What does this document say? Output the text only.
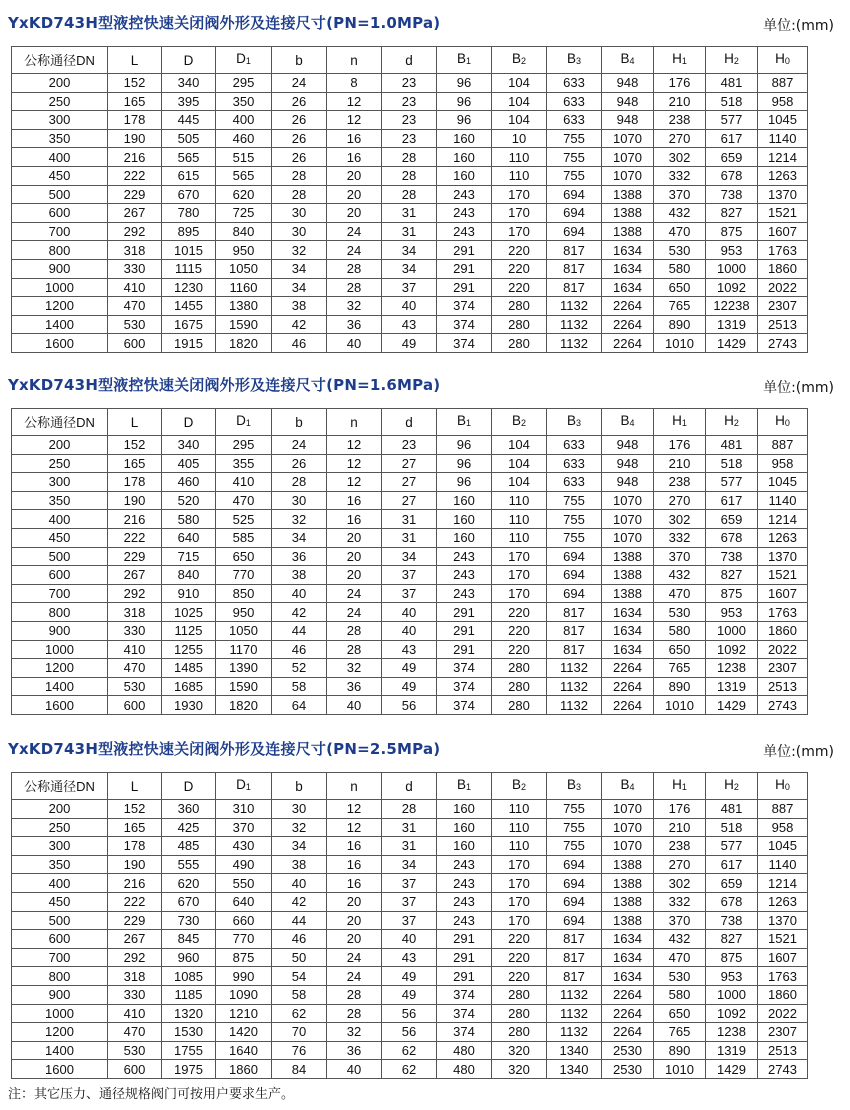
YxKD743H型液控快速关闭阀外形及连接尺寸(PN=1.0MPa)	单位:(mm)
公称通径DN	L	D	$D_1$	b	n	d	$B_1$	$B_2$	$B_3$	$B_4$	$H_1$	$H_2$	$H_0$
200	152	340	295	24	8	23	96	104	633	948	176	481	887
250	165	395	350	26	12	23	96	104	633	948	210	518	958
300	178	445	400	26	12	23	96	104	633	948	238	577	1045
350	190	505	460	26	16	23	160	10	755	1070	270	617	1140
400	216	565	515	26	16	28	160	110	755	1070	302	659	1214
450	222	615	565	28	20	28	160	110	755	1070	332	678	1263
500	229	670	620	28	20	28	243	170	694	1388	370	738	1370
600	267	780	725	30	20	31	243	170	694	1388	432	827	1521
700	292	895	840	30	24	31	243	170	694	1388	470	875	1607
800	318	1015	950	32	24	34	291	220	817	1634	530	953	1763
900	330	1115	1050	34	28	34	291	220	817	1634	580	1000	1860
1000	410	1230	1160	34	28	37	291	220	817	1634	650	1092	2022
1200	470	1455	1380	38	32	40	374	280	1132	2264	765	12238	2307
1400	530	1675	1590	42	36	43	374	280	1132	2264	890	1319	2513
1600	600	1915	1820	46	40	49	374	280	1132	2264	1010	1429	2743
YxKD743H型液控快速关闭阀外形及连接尺寸(PN=1.6MPa)	单位:(mm)
公称通径DN	L	D	$D_1$	b	n	d	$B_1$	$B_2$	$B_3$	$B_4$	$H_1$	$H_2$	$H_0$
200	152	340	295	24	12	23	96	104	633	948	176	481	887
250	165	405	355	26	12	27	96	104	633	948	210	518	958
300	178	460	410	28	12	27	96	104	633	948	238	577	1045
350	190	520	470	30	16	27	160	110	755	1070	270	617	1140
400	216	580	525	32	16	31	160	110	755	1070	302	659	1214
450	222	640	585	34	20	31	160	110	755	1070	332	678	1263
500	229	715	650	36	20	34	243	170	694	1388	370	738	1370
600	267	840	770	38	20	37	243	170	694	1388	432	827	1521
700	292	910	850	40	24	37	243	170	694	1388	470	875	1607
800	318	1025	950	42	24	40	291	220	817	1634	530	953	1763
900	330	1125	1050	44	28	40	291	220	817	1634	580	1000	1860
1000	410	1255	1170	46	28	43	291	220	817	1634	650	1092	2022
1200	470	1485	1390	52	32	49	374	280	1132	2264	765	1238	2307
1400	530	1685	1590	58	36	49	374	280	1132	2264	890	1319	2513
1600	600	1930	1820	64	40	56	374	280	1132	2264	1010	1429	2743
YxKD743H型液控快速关闭阀外形及连接尺寸(PN=2.5MPa)	单位:(mm)
公称通径DN	L	D	$D_1$	b	n	d	$B_1$	$B_2$	$B_3$	$B_4$	$H_1$	$H_2$	$H_0$
200	152	360	310	30	12	28	160	110	755	1070	176	481	887
250	165	425	370	32	12	31	160	110	755	1070	210	518	958
300	178	485	430	34	16	31	160	110	755	1070	238	577	1045
350	190	555	490	38	16	34	243	170	694	1388	270	617	1140
400	216	620	550	40	16	37	243	170	694	1388	302	659	1214
450	222	670	640	42	20	37	243	170	694	1388	332	678	1263
500	229	730	660	44	20	37	243	170	694	1388	370	738	1370
600	267	845	770	46	20	40	291	220	817	1634	432	827	1521
700	292	960	875	50	24	43	291	220	817	1634	470	875	1607
800	318	1085	990	54	24	49	291	220	817	1634	530	953	1763
900	330	1185	1090	58	28	49	374	280	1132	2264	580	1000	1860
1000	410	1320	1210	62	28	56	374	280	1132	2264	650	1092	2022
1200	470	1530	1420	70	32	56	374	280	1132	2264	765	1238	2307
1400	530	1755	1640	76	36	62	480	320	1340	2530	890	1319	2513
1600	600	1975	1860	84	40	62	480	320	1340	2530	1010	1429	2743
注：其它压力、通径规格阀门可按用户要求生产。
